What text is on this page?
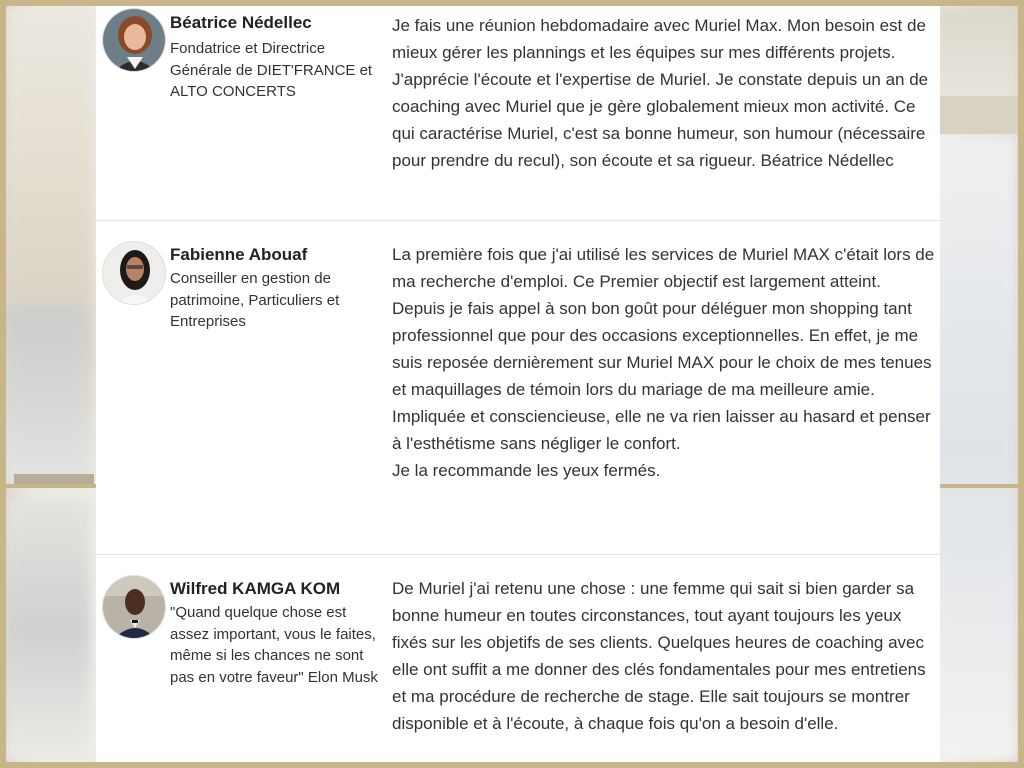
Béatrice Nédellec
Fondatrice et Directrice Générale de DIET'FRANCE et ALTO CONCERTS

Je fais une réunion hebdomadaire avec Muriel Max. Mon besoin est de mieux gérer les plannings et les équipes sur mes différents projets. J'apprécie l'écoute et l'expertise de Muriel. Je constate depuis un an de coaching avec Muriel que je gère globalement mieux mon activité. Ce qui caractérise Muriel, c'est sa bonne humeur, son humour (nécessaire pour prendre du recul), son écoute et sa rigueur. Béatrice Nédellec

Fabienne Abouaf
Conseiller en gestion de patrimoine, Particuliers et Entreprises

La première fois que j'ai utilisé les services de Muriel MAX c'était lors de ma recherche d'emploi. Ce Premier objectif est largement atteint.

Depuis je fais appel à son bon goût pour déléguer mon shopping tant professionnel que pour des occasions exceptionnelles. En effet, je me suis reposée dernièrement sur Muriel MAX pour le choix de mes tenues et maquillages de témoin lors du mariage de ma meilleure amie.

Impliquée et consciencieuse, elle ne va rien laisser au hasard et penser à l'esthétisme sans négliger le confort.

Je la recommande les yeux fermés.

Wilfred KAMGA KOM
"Quand quelque chose est assez important, vous le faites, même si les chances ne sont pas en votre faveur" Elon Musk

De Muriel j'ai retenu une chose : une femme qui sait si bien garder sa bonne humeur en toutes circonstances, tout ayant toujours les yeux fixés sur les objetifs de ses clients. Quelques heures de coaching avec elle ont suffit a me donner des clés fondamentales pour mes entretiens et ma procédure de recherche de stage. Elle sait toujours se montrer disponible et à l'écoute, à chaque fois qu'on a besoin d'elle.
